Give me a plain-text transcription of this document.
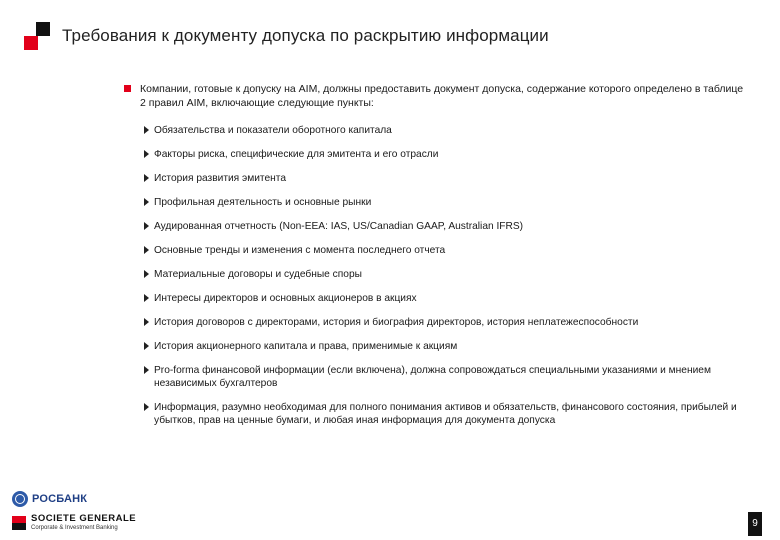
Требования к документу допуска по раскрытию информации
Компании, готовые к допуску на AIM, должны предоставить документ допуска, содержание которого определено в таблице 2 правил AIM, включающие следующие пункты:
Обязательства и показатели оборотного капитала
Факторы риска, специфические для эмитента и его отрасли
История развития эмитента
Профильная деятельность и основные рынки
Аудированная отчетность (Non-EEA: IAS, US/Canadian GAAP, Australian IFRS)
Основные тренды и изменения с момента последнего отчета
Материальные договоры и судебные споры
Интересы директоров и основных акционеров в акциях
История договоров с директорами, история и биография директоров, история неплатежеспособности
История акционерного капитала и права, применимые к акциям
Pro-forma финансовой информации (если включена), должна сопровождаться специальными указаниями и мнением независимых бухгалтеров
Информация, разумно необходимая для полного понимания активов и обязательств, финансового состояния, прибылей и убытков, прав на ценные бумаги, и любая иная информация для документа допуска
РОСБАНК
SOCIETE GENERALE
Corporate & Investment Banking	9
